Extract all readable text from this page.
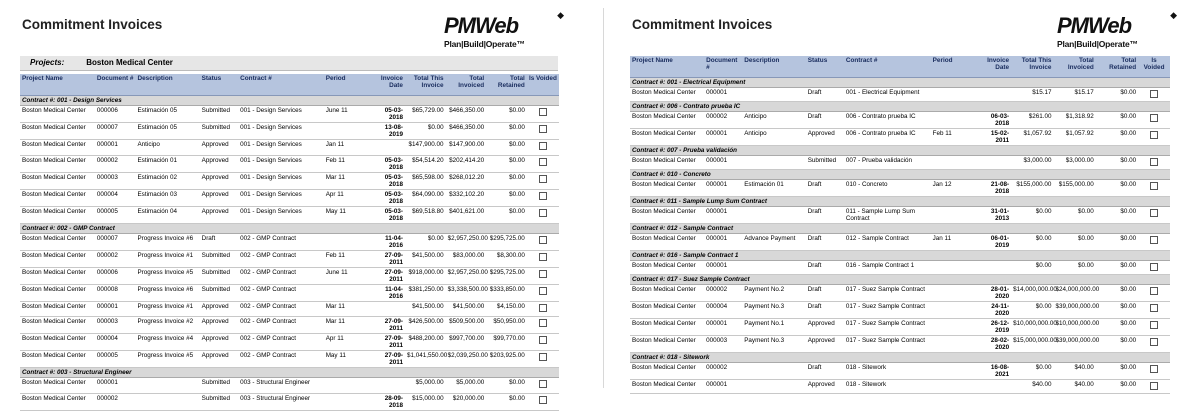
Commitment Invoices	PMWeb	◆
Plan|Build|Operate™
Projects:	Boston Medical Center
Project Name	Document #	Description	Status	Contract #	Period	Invoice Date	Total This Invoice	Total Invoiced	Total Retained	Is Voided
Contract #: 001 - Design Services										
Boston Medical Center	000006	Estimación 05	Submitted	001 - Design Services	June 11	05-03-2018	$65,729.00	$466,350.00	$0.00	
Boston Medical Center	000007	Estimación 05	Submitted	001 - Design Services		13-08-2019	$0.00	$466,350.00	$0.00	
Boston Medical Center	000001	Anticipo	Approved	001 - Design Services	Jan 11		$147,900.00	$147,900.00	$0.00	
Boston Medical Center	000002	Estimación 01	Approved	001 - Design Services	Feb 11	05-03-2018	$54,514.20	$202,414.20	$0.00	
Boston Medical Center	000003	Estimación 02	Approved	001 - Design Services	Mar 11	05-03-2018	$65,598.00	$268,012.20	$0.00	
Boston Medical Center	000004	Estimación 03	Approved	001 - Design Services	Apr 11	05-03-2018	$64,090.00	$332,102.20	$0.00	
Boston Medical Center	000005	Estimación 04	Approved	001 - Design Services	May 11	05-03-2018	$69,518.80	$401,621.00	$0.00	
Contract #: 002 - GMP Contract										
Boston Medical Center	000007	Progress Invoice #6	Draft	002 - GMP Contract		11-04-2016	$0.00	$2,957,250.00	$295,725.00	
Boston Medical Center	000002	Progress Invoice #1	Submitted	002 - GMP Contract	Feb 11	27-09-2011	$41,500.00	$83,000.00	$8,300.00	
Boston Medical Center	000006	Progress Invoice #5	Submitted	002 - GMP Contract	June 11	27-09-2011	$918,000.00	$2,957,250.00	$295,725.00	
Boston Medical Center	000008	Progress Invoice #6	Submitted	002 - GMP Contract		11-04-2016	$381,250.00	$3,338,500.00	$333,850.00	
Boston Medical Center	000001	Progress Invoice #1	Approved	002 - GMP Contract	Mar 11		$41,500.00	$41,500.00	$4,150.00	
Boston Medical Center	000003	Progress Invoice #2	Approved	002 - GMP Contract	Mar 11	27-09-2011	$426,500.00	$509,500.00	$50,950.00	
Boston Medical Center	000004	Progress Invoice #4	Approved	002 - GMP Contract	Apr 11	27-09-2011	$488,200.00	$997,700.00	$99,770.00	
Boston Medical Center	000005	Progress Invoice #5	Approved	002 - GMP Contract	May 11	27-09-2011	$1,041,550.00	$2,039,250.00	$203,925.00	
Contract #: 003 - Structural Engineer										
Boston Medical Center	000001		Submitted	003 - Structural Engineer			$5,000.00	$5,000.00	$0.00	
Boston Medical Center	000002		Submitted	003 - Structural Engineer		28-09-2018	$15,000.00	$20,000.00	$0.00	
Commitment Invoices	PMWeb	◆
Plan|Build|Operate™
Project Name	Document #	Description	Status	Contract #	Period	Invoice Date	Total This Invoice	Total Invoiced	Total Retained	Is Voided
Contract #: 001 - Electrical Equipment										
Boston Medical Center	000001		Draft	001 - Electrical Equipment			$15.17	$15.17	$0.00	
Contract #: 006 - Contrato prueba IC										
Boston Medical Center	000002	Anticipo	Draft	006 - Contrato prueba IC		06-03-2018	$261.00	$1,318.92	$0.00	
Boston Medical Center	000001	Anticipo	Approved	006 - Contrato prueba IC	Feb 11	15-02-2011	$1,057.92	$1,057.92	$0.00	
Contract #: 007 - Prueba validación										
Boston Medical Center	000001		Submitted	007 - Prueba validación			$3,000.00	$3,000.00	$0.00	
Contract #: 010 - Concreto										
Boston Medical Center	000001	Estimación 01	Draft	010 - Concreto	Jan 12	21-08-2018	$155,000.00	$155,000.00	$0.00	
Contract #: 011 - Sample Lump Sum Contract										
Boston Medical Center	000001		Draft	011 - Sample Lump Sum Contract		31-01-2013	$0.00	$0.00	$0.00	
Contract #: 012 - Sample Contract										
Boston Medical Center	000001	Advance Payment	Draft	012 - Sample Contract	Jan 11	06-01-2019	$0.00	$0.00	$0.00	
Contract #: 016 - Sample Contract 1										
Boston Medical Center	000001		Draft	016 - Sample Contract 1			$0.00	$0.00	$0.00	
Contract #: 017 - Suez Sample Contract										
Boston Medical Center	000002	Payment No.2	Draft	017 - Suez Sample Contract		28-01-2020	$14,000,000.00	$24,000,000.00	$0.00	
Boston Medical Center	000004	Payment No.3	Draft	017 - Suez Sample Contract		24-11-2020	$0.00	$39,000,000.00	$0.00	
Boston Medical Center	000001	Payment No.1	Approved	017 - Suez Sample Contract		26-12-2019	$10,000,000.00	$10,000,000.00	$0.00	
Boston Medical Center	000003	Payment No.3	Approved	017 - Suez Sample Contract		28-02-2020	$15,000,000.00	$39,000,000.00	$0.00	
Contract #: 018 - Sitework										
Boston Medical Center	000002		Draft	018 - Sitework		16-08-2021	$0.00	$40.00	$0.00	
Boston Medical Center	000001		Approved	018 - Sitework			$40.00	$40.00	$0.00	
